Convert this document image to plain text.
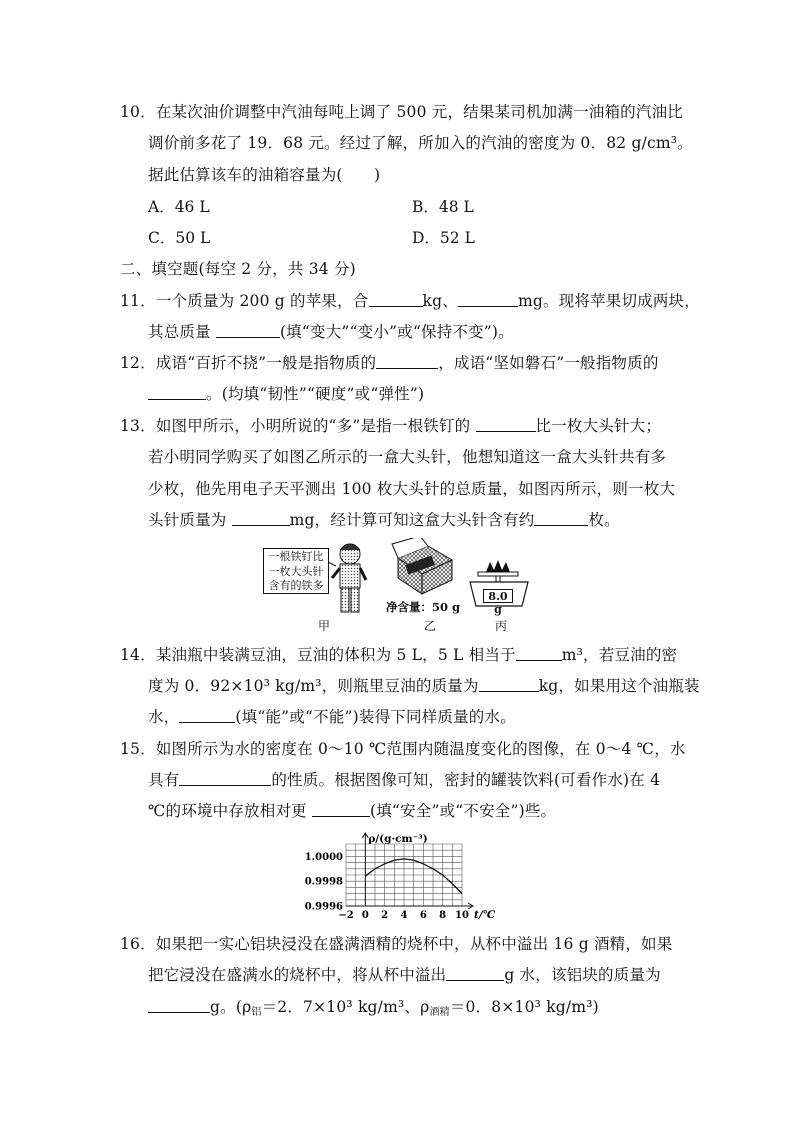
10．在某次油价调整中汽油每吨上调了 500 元，结果某司机加满一油箱的汽油比
调价前多花了 19．68 元。经过了解，所加入的汽油的密度为 0．82 g/cm³。
据此估算该车的油箱容量为(　　)
A．46 L	B．48 L
C．50 L	D．52 L
二、填空题(每空 2 分，共 34 分)
11．一个质量为 200 g 的苹果，合	kg、	mg。现将苹果切成两块，
其总质量	(填“变大”“变小”或“保持不变”)。
12．成语“百折不挠”一般是指物质的	，成语“坚如磐石”一般指物质的
。(均填“韧性”“硬度”或“弹性”)
13．如图甲所示，小明所说的“多”是指一根铁钉的	比一枚大头针大；
若小明同学购买了如图乙所示的一盒大头针，他想知道这一盒大头针共有多
少枚，他先用电子天平测出 100 枚大头针的总质量，如图丙所示，则一枚大
头针质量为	mg，经计算可知这盒大头针含有约	枚。
一根铁钉比
一枚大头针
含有的铁多
净含量：50 g
8.0 g
甲	乙	丙
14．某油瓶中装满豆油，豆油的体积为 5 L，5 L 相当于	m³，若豆油的密
度为 0．92×10³ kg/m³，则瓶里豆油的质量为	kg，如果用这个油瓶装
水，	(填“能”或“不能”)装得下同样质量的水。
15．如图所示为水的密度在 0～10 ℃范围内随温度变化的图像，在 0～4 ℃，水
具有	的性质。根据图像可知，密封的罐装饮料(可看作水)在 4
℃的环境中存放相对更	(填“安全”或“不安全”)些。
1.0000
0.9998
0.9996
−2 0 2 4 6 8 10
ρ/(g·cm⁻³)
t/℃
16．如果把一实心铝块浸没在盛满酒精的烧杯中，从杯中溢出 16 g 酒精，如果
把它浸没在盛满水的烧杯中，将从杯中溢出	g 水，该铝块的质量为
g。($\rho_铝=2$．7×10³ kg/m³、$\rho_{酒精}=0$．8×10³ kg/m³)
